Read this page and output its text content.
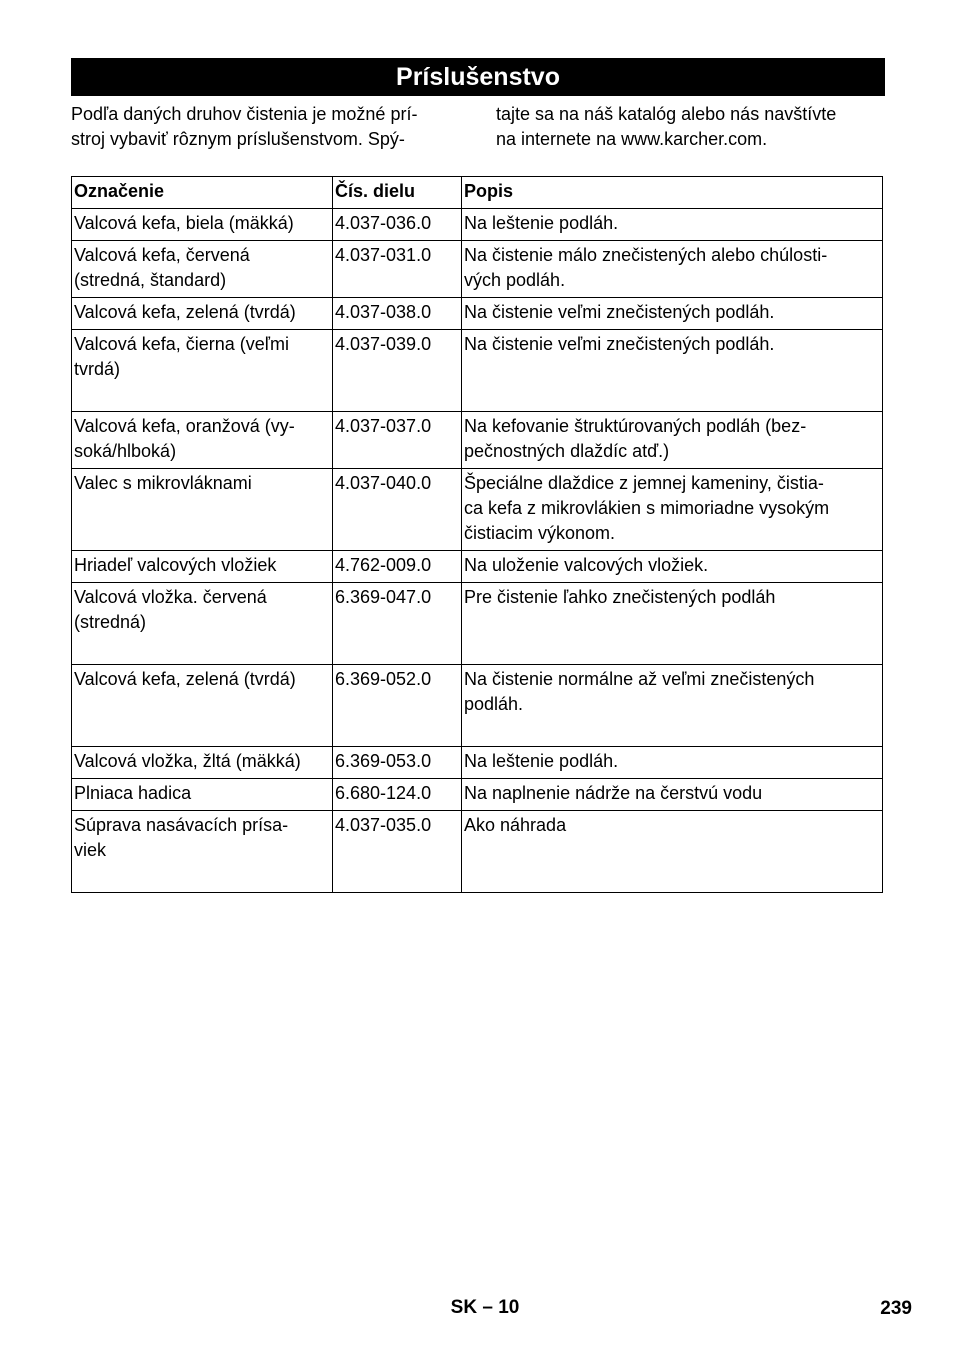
Príslušenstvo
Podľa daných druhov čistenia je možné prí-
stroj vybaviť rôznym príslušenstvom. Spý-
tajte sa na náš katalóg alebo nás navštívte
na internete na www.karcher.com.
Označenie	Čís. dielu	Popis
Valcová kefa, biela (mäkká)	4.037-036.0	Na leštenie podláh.
Valcová kefa, červená
(stredná, štandard)	4.037-031.0	Na čistenie málo znečistených alebo chúlosti-
vých podláh.
Valcová kefa, zelená (tvrdá)	4.037-038.0	Na čistenie veľmi znečistených podláh.
Valcová kefa, čierna (veľmi
tvrdá)	4.037-039.0	Na čistenie veľmi znečistených podláh.
Valcová kefa, oranžová (vy-
soká/hlboká)	4.037-037.0	Na kefovanie štruktúrovaných podláh (bez-
pečnostných dlaždíc atď.)
Valec s mikrovláknami	4.037-040.0	Špeciálne dlaždice z jemnej kameniny, čistia-
ca kefa z mikrovlákien s mimoriadne vysokým
čistiacim výkonom.
Hriadeľ valcových vložiek	4.762-009.0	Na uloženie valcových vložiek.
Valcová vložka. červená
(stredná)	6.369-047.0	Pre čistenie ľahko znečistených podláh
Valcová kefa, zelená (tvrdá)	6.369-052.0	Na čistenie normálne až veľmi znečistených
podláh.
Valcová vložka, žltá (mäkká)	6.369-053.0	Na leštenie podláh.
Plniaca hadica	6.680-124.0	Na naplnenie nádrže na čerstvú vodu
Súprava nasávacích prísa-
viek	4.037-035.0	Ako náhrada
SK – 10	239
